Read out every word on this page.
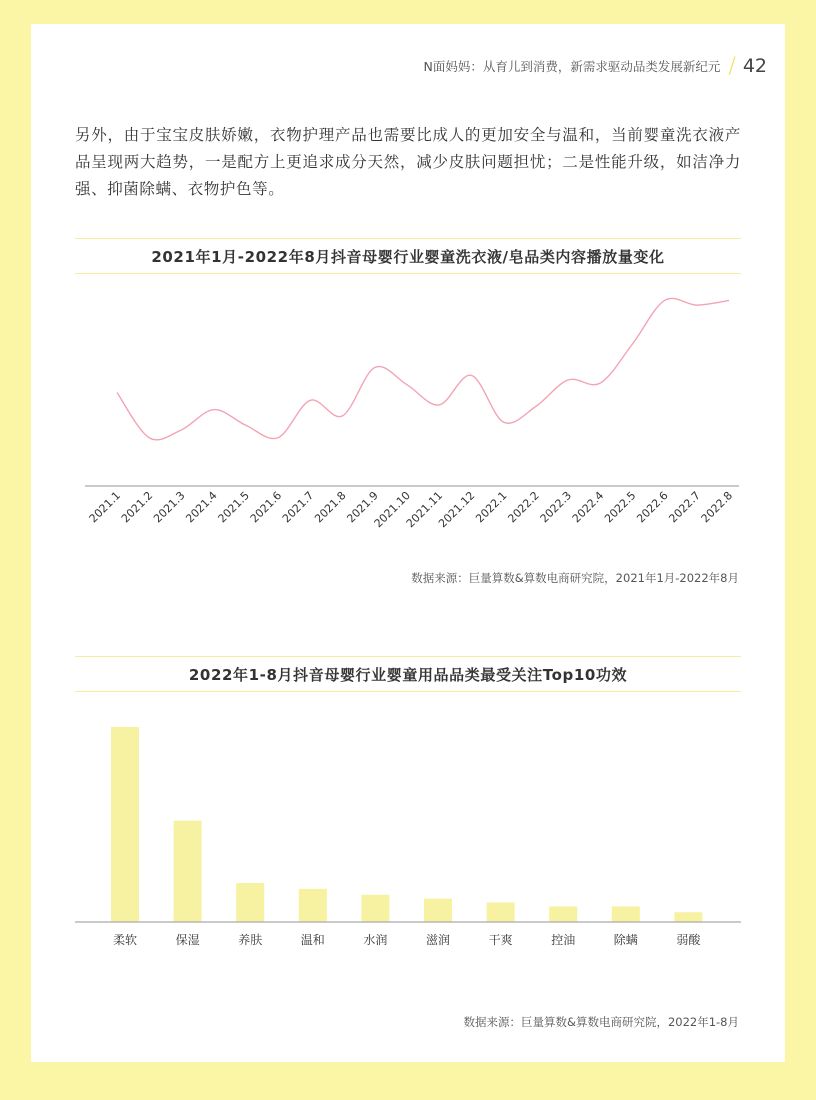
N面妈妈：从育儿到消费，新需求驱动品类发展新纪元 / 42
另外，由于宝宝皮肤娇嫩，衣物护理产品也需要比成人的更加安全与温和，当前婴童洗衣液产品呈现两大趋势，一是配方上更追求成分天然，减少皮肤问题担忧；二是性能升级，如洁净力强、抑菌除螨、衣物护色等。
2021年1月-2022年8月抖音母婴行业婴童洗衣液/皂品类内容播放量变化
2021.1
2021.2
2021.3
2021.4
2021.5
2021.6
2021.7
2021.8
2021.9
2021.10
2021.11
2021.12
2022.1
2022.2
2022.3
2022.4
2022.5
2022.6
2022.7
2022.8
数据来源：巨量算数&算数电商研究院，2021年1月-2022年8月
2022年1-8月抖音母婴行业婴童用品品类最受关注Top10功效
柔软	保湿	养肤	温和	水润	滋润	干爽	控油	除螨	弱酸
数据来源：巨量算数&算数电商研究院，2022年1-8月
